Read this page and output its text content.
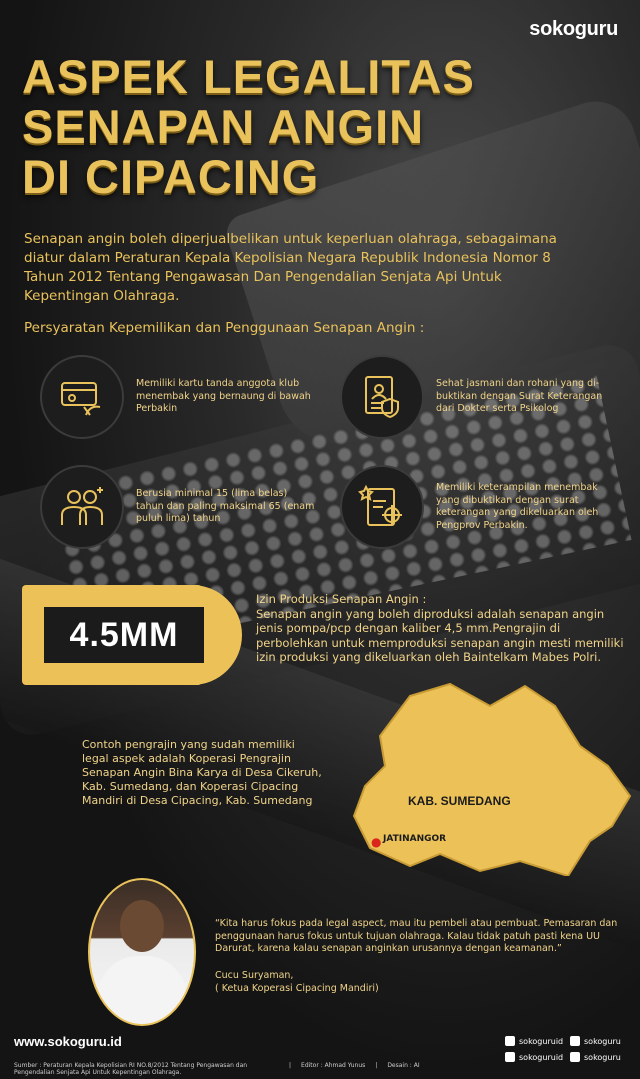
sokoguru
ASPEK LEGALITAS
SENAPAN ANGIN
DI CIPACING

Senapan angin boleh diperjualbelikan untuk keperluan olahraga, sebagaimana diatur dalam Peraturan Kepala Kepolisian Negara Republik Indonesia Nomor 8 Tahun 2012 Tentang Pengawasan Dan Pengendalian Senjata Api Untuk Kepentingan Olahraga.

Persyaratan Kepemilikan dan Penggunaan Senapan Angin :
Memiliki kartu tanda anggota klub menembak yang bernaung di bawah Perbakin
Sehat jasmani dan rohani yang di-buktikan dengan Surat Keterangan dari Dokter serta Psikolog
Berusia minimal 15 (lima belas) tahun dan paling maksimal 65 (enam puluh lima) tahun
Memiliki keterampilan menembak yang dibuktikan dengan surat keterangan yang dikeluarkan oleh Pengprov Perbakin.
4.5MM
Izin Produksi Senapan Angin :
Senapan angin yang boleh diproduksi adalah senapan angin jenis pompa/pcp dengan kaliber 4,5 mm.Pengrajin di perbolehkan untuk memproduksi senapan angin mesti memiliki izin produksi yang dikeluarkan oleh Baintelkam Mabes Polri.
KAB. SUMEDANG
● JATINANGOR
Contoh pengrajin yang sudah memiliki legal aspek adalah Koperasi Pengrajin Senapan Angin Bina Karya di Desa Cikeruh, Kab. Sumedang, dan Koperasi Cipacing Mandiri di Desa Cipacing, Kab. Sumedang
“Kita harus fokus pada legal aspect, mau itu pembeli atau pembuat. Pemasaran dan penggunaan harus fokus untuk tujuan olahraga. Kalau tidak patuh pasti kena UU Darurat, karena kalau senapan anginkan urusannya dengan keamanan.”
Cucu Suryaman,
( Ketua Koperasi Cipacing Mandiri)
www.sokoguru.id	sokoguruid	sokoguru
sokoguruid	sokoguru
Sumber : Peraturan Kepala Kepolisian RI NO.8/2012 Tentang Pengawasan dan Pengendalian Senjata Api Untuk Kepentingan Olahraga.
| Editor : Ahmad Yunus | Desain : AI
